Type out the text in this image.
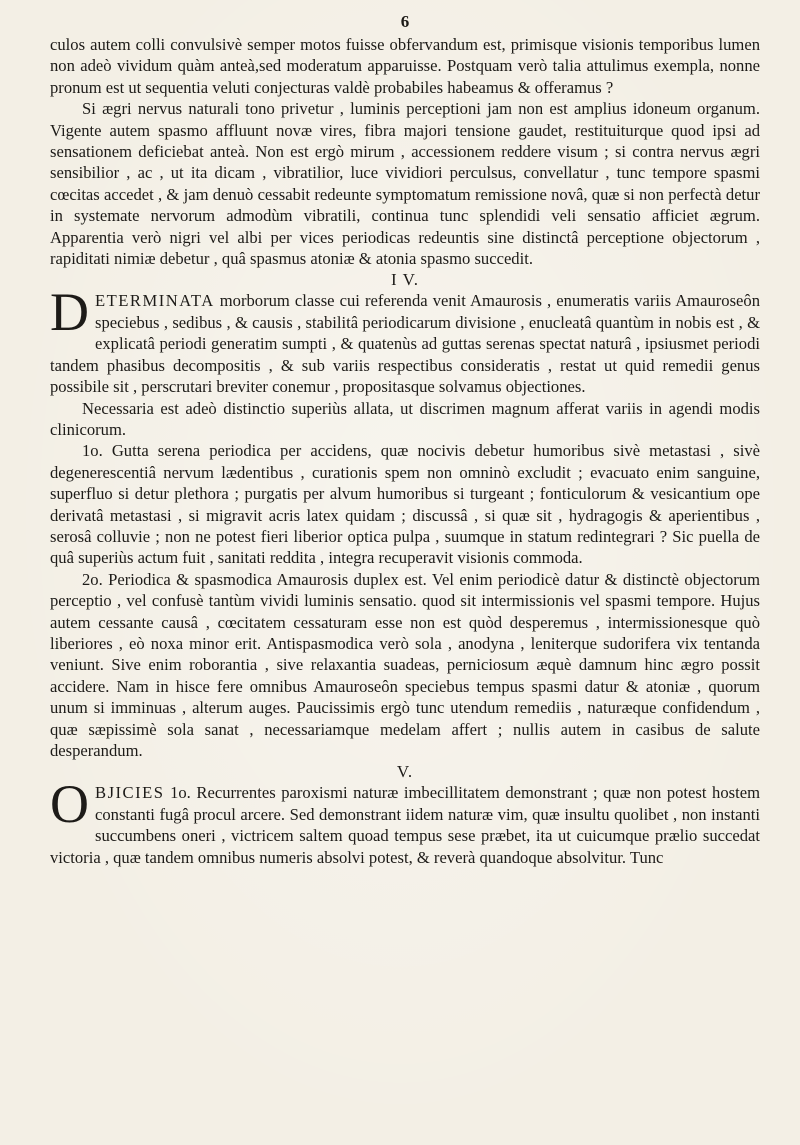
6

culos autem colli convulsivè semper motos fuisse obfervandum est, primisque visionis temporibus lumen non adeò vividum quàm anteà,sed moderatum apparuisse. Postquam verò talia attulimus exempla, nonne pronum est ut sequentia veluti conjecturas valdè probabiles habeamus & offeramus ?

Si ægri nervus naturali tono privetur , luminis perceptioni jam non est amplius idoneum organum. Vigente autem spasmo affluunt novæ vires, fibra majori tensione gaudet, restituiturque quod ipsi ad sensationem deficiebat anteà. Non est ergò mirum , accessionem reddere visum ; si contra nervus ægri sensibilior , ac , ut ita dicam , vibratilior, luce vividiori perculsus, convellatur , tunc tempore spasmi cœcitas accedet , & jam denuò cessabit redeunte symptomatum remissione novâ, quæ si non perfectà detur in systemate nervorum admodùm vibratili, continua tunc splendidi veli sensatio afficiet ægrum. Apparentia verò nigri vel albi per vices periodicas redeuntis sine distinctâ perceptione objectorum , rapiditati nimiæ debetur , quâ spasmus atoniæ & atonia spasmo succedit.

I V.

DETERMINATA morborum classe cui referenda venit Amaurosis , enumeratis variis Amauroseôn speciebus , sedibus , & causis , stabilitâ periodicarum divisione , enucleatâ quantùm in nobis est , & explicatâ periodi generatim sumpti , & quatenùs ad guttas serenas spectat naturâ , ipsiusmet periodi tandem phasibus decompositis , & sub variis respectibus consideratis , restat ut quid remedii genus possibile sit , perscrutari breviter conemur , propositasque solvamus objectiones.

Necessaria est adeò distinctio superiùs allata, ut discrimen magnum afferat variis in agendi modis clinicorum.

1o. Gutta serena periodica per accidens, quæ nocivis debetur humoribus sivè metastasi , sivè degenerescentiâ nervum lædentibus , curationis spem non omninò excludit ; evacuato enim sanguine, superfluo si detur plethora ; purgatis per alvum humoribus si turgeant ; fonticulorum & vesicantium ope derivatâ metastasi , si migravit acris latex quidam ; discussâ , si quæ sit , hydragogis & aperientibus , serosâ colluvie ; non ne potest fieri liberior optica pulpa , suumque in statum redintegrari ? Sic puella de quâ superiùs actum fuit , sanitati reddita , integra recuperavit visionis commoda.

2o. Periodica & spasmodica Amaurosis duplex est. Vel enim periodicè datur & distinctè objectorum perceptio , vel confusè tantùm vividi luminis sensatio. quod sit intermissionis vel spasmi tempore. Hujus autem cessante causâ , cœcitatem cessaturam esse non est quòd desperemus , intermissionesque quò liberiores , eò noxa minor erit. Antispasmodica verò sola , anodyna , leniterque sudorifera vix tentanda veniunt. Sive enim roborantia , sive relaxantia suadeas, perniciosum æquè damnum hinc ægro possit accidere. Nam in hisce fere omnibus Amauroseôn speciebus tempus spasmi datur & atoniæ , quorum unum si imminuas , alterum auges. Paucissimis ergò tunc utendum remediis , naturæque confidendum , quæ sæpissimè sola sanat , necessariamque medelam affert ; nullis autem in casibus de salute desperandum.

V.

OBJICIES 1o. Recurrentes paroxismi naturæ imbecillitatem demonstrant ; quæ non potest hostem constanti fugâ procul arcere. Sed demonstrant iidem naturæ vim, quæ insultu quolibet , non instanti succumbens oneri , victricem saltem quoad tempus sese præbet, ita ut cuicumque prælio succedat victoria , quæ tandem omnibus numeris absolvi potest, & reverà quandoque absolvitur. Tunc
